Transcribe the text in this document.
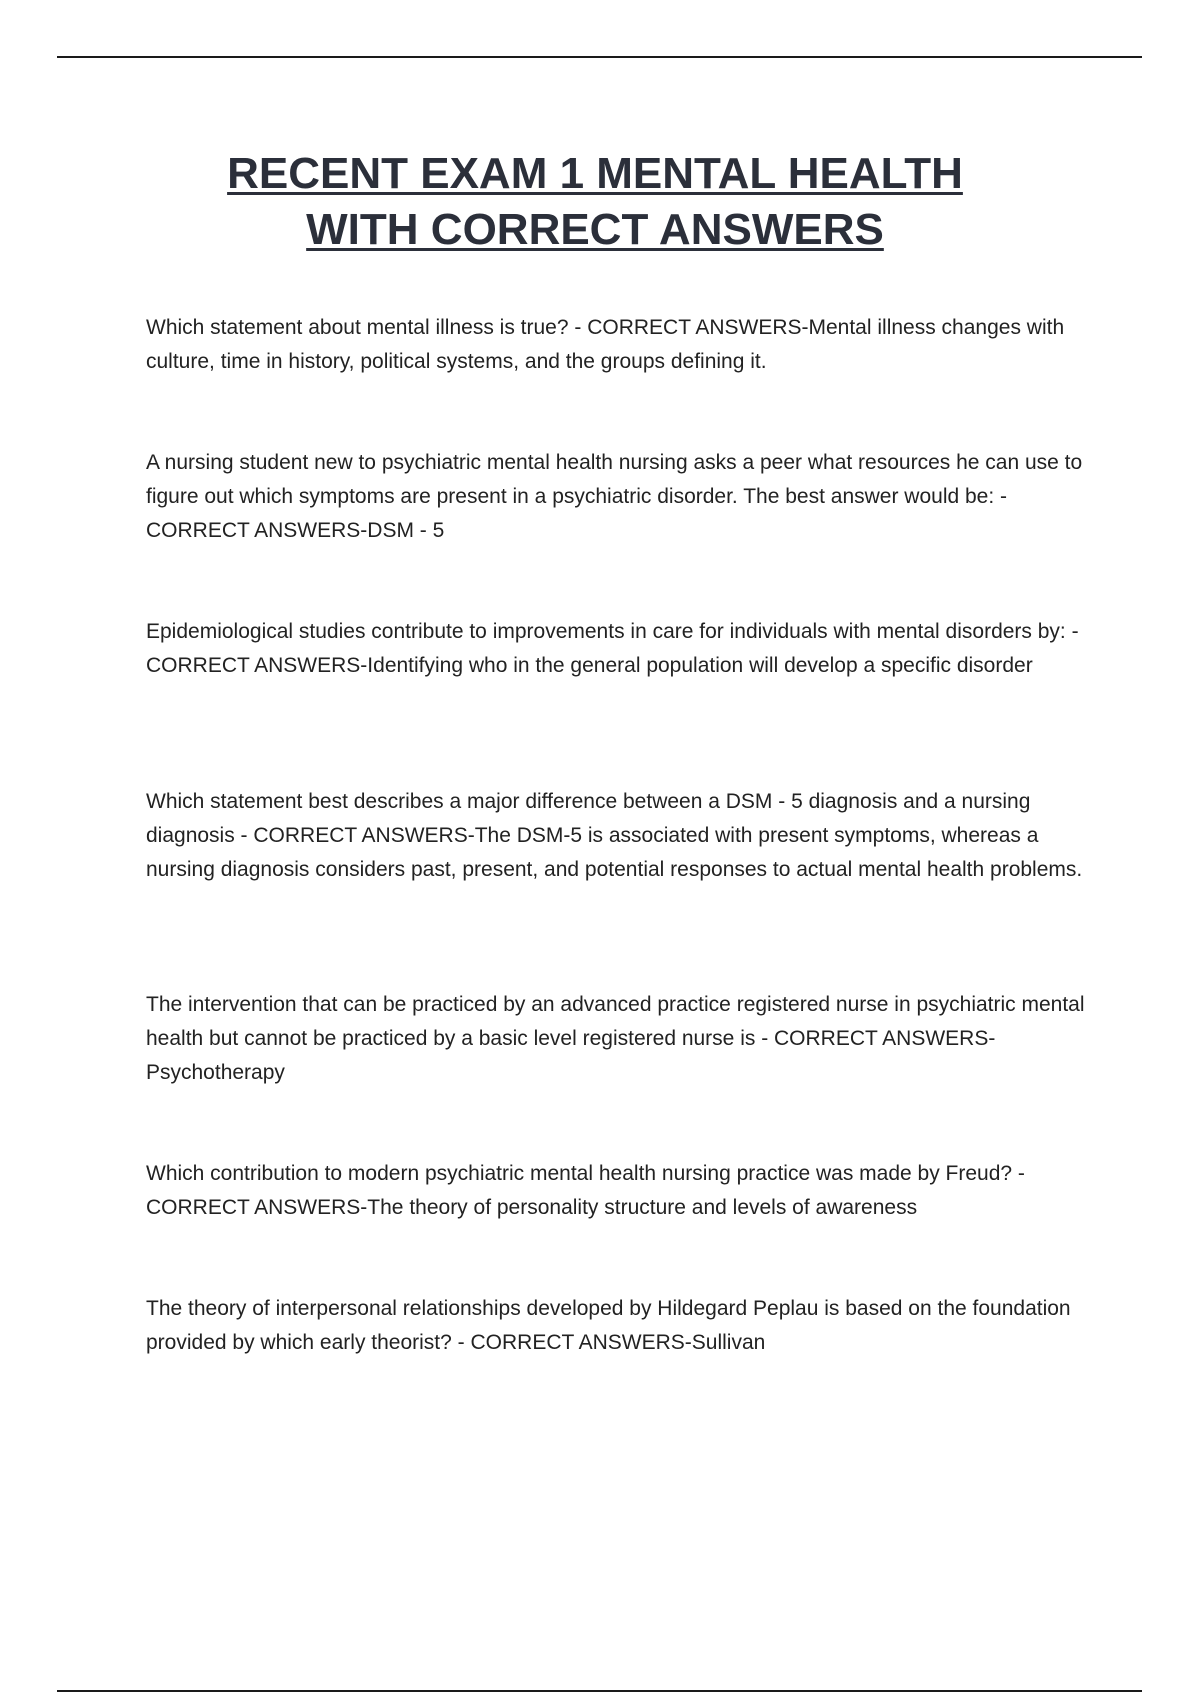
RECENT EXAM 1 MENTAL HEALTH
WITH CORRECT ANSWERS

Which statement about mental illness is true? - CORRECT ANSWERS-Mental illness changes with culture, time in history, political systems, and the groups defining it.

A nursing student new to psychiatric mental health nursing asks a peer what resources he can use to figure out which symptoms are present in a psychiatric disorder. The best answer would be: - CORRECT ANSWERS-DSM - 5

Epidemiological studies contribute to improvements in care for individuals with mental disorders by: - CORRECT ANSWERS-Identifying who in the general population will develop a specific disorder

Which statement best describes a major difference between a DSM - 5 diagnosis and a nursing diagnosis - CORRECT ANSWERS-The DSM-5 is associated with present symptoms, whereas a nursing diagnosis considers past, present, and potential responses to actual mental health problems.

The intervention that can be practiced by an advanced practice registered nurse in psychiatric mental health but cannot be practiced by a basic level registered nurse is - CORRECT ANSWERS-Psychotherapy

Which contribution to modern psychiatric mental health nursing practice was made by Freud? - CORRECT ANSWERS-The theory of personality structure and levels of awareness

The theory of interpersonal relationships developed by Hildegard Peplau is based on the foundation provided by which early theorist? - CORRECT ANSWERS-Sullivan
